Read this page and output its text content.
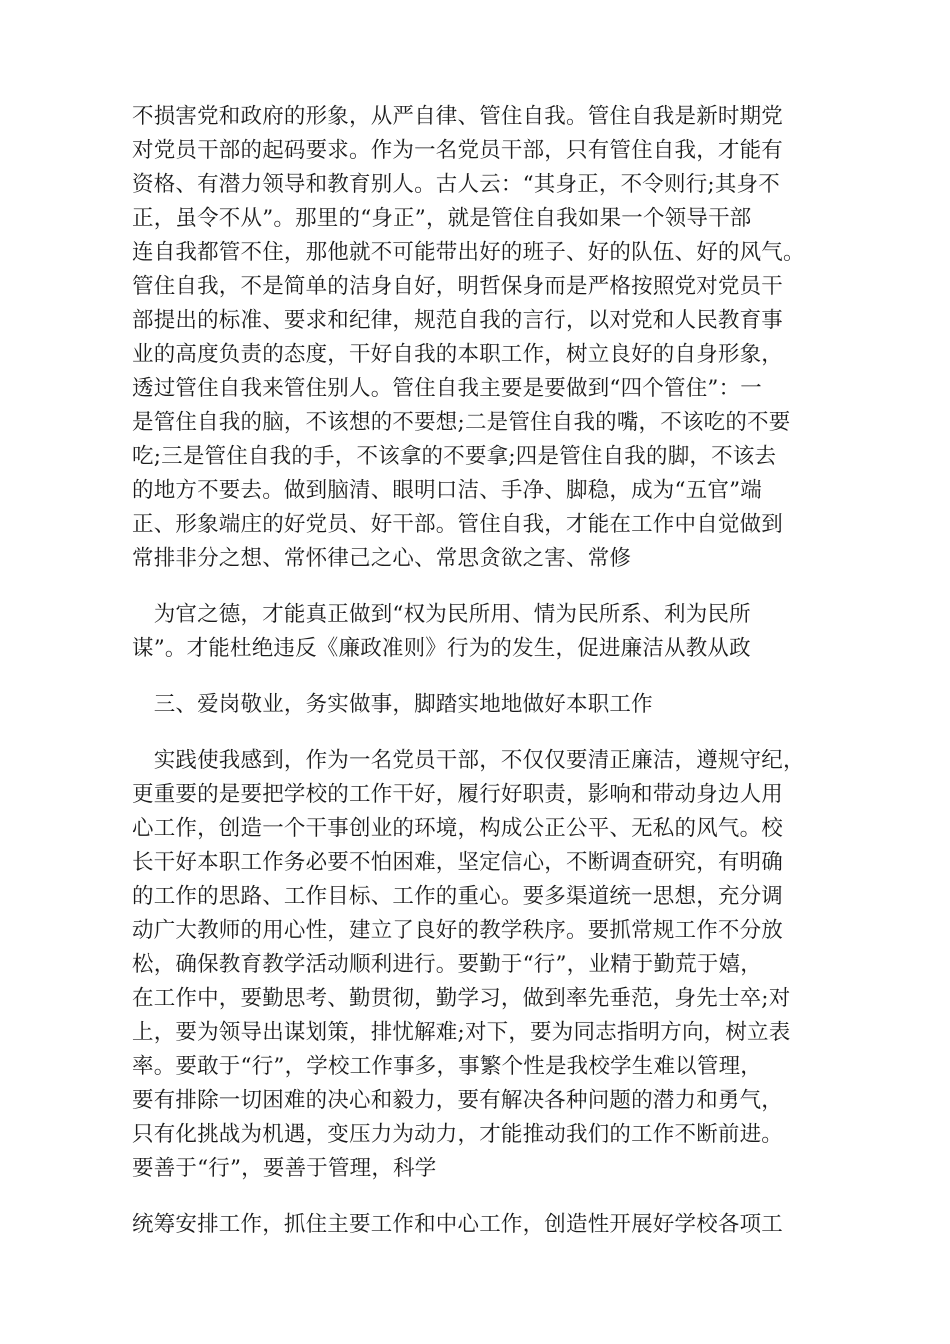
不损害党和政府的形象，从严自律、管住自我。管住自我是新时期党
对党员干部的起码要求。作为一名党员干部，只有管住自我，才能有
资格、有潜力领导和教育别人。古人云：“其身正，不令则行;其身不
正，虽令不从”。那里的“身正”，就是管住自我如果一个领导干部
连自我都管不住，那他就不可能带出好的班子、好的队伍、好的风气。
管住自我，不是简单的洁身自好，明哲保身而是严格按照党对党员干
部提出的标准、要求和纪律，规范自我的言行，以对党和人民教育事
业的高度负责的态度，干好自我的本职工作，树立良好的自身形象，
透过管住自我来管住别人。管住自我主要是要做到“四个管住”：一
是管住自我的脑，不该想的不要想;二是管住自我的嘴，不该吃的不要
吃;三是管住自我的手，不该拿的不要拿;四是管住自我的脚，不该去
的地方不要去。做到脑清、眼明口洁、手净、脚稳，成为“五官”端
正、形象端庄的好党员、好干部。管住自我，才能在工作中自觉做到
常排非分之想、常怀律己之心、常思贪欲之害、常修
　为官之德，才能真正做到“权为民所用、情为民所系、利为民所
谋”。才能杜绝违反《廉政准则》行为的发生，促进廉洁从教从政
　三、爱岗敬业，务实做事，脚踏实地地做好本职工作
　实践使我感到，作为一名党员干部，不仅仅要清正廉洁，遵规守纪，
更重要的是要把学校的工作干好，履行好职责，影响和带动身边人用
心工作，创造一个干事创业的环境，构成公正公平、无私的风气。校
长干好本职工作务必要不怕困难，坚定信心，不断调查研究，有明确
的工作的思路、工作目标、工作的重心。要多渠道统一思想，充分调
动广大教师的用心性，建立了良好的教学秩序。要抓常规工作不分放
松，确保教育教学活动顺利进行。要勤于“行”，业精于勤荒于嬉，
在工作中，要勤思考、勤贯彻，勤学习，做到率先垂范，身先士卒;对
上，要为领导出谋划策，排忧解难;对下，要为同志指明方向，树立表
率。要敢于“行”，学校工作事多，事繁个性是我校学生难以管理，
要有排除一切困难的决心和毅力，要有解决各种问题的潜力和勇气，
只有化挑战为机遇，变压力为动力，才能推动我们的工作不断前进。
要善于“行”，要善于管理，科学
统筹安排工作，抓住主要工作和中心工作，创造性开展好学校各项工
